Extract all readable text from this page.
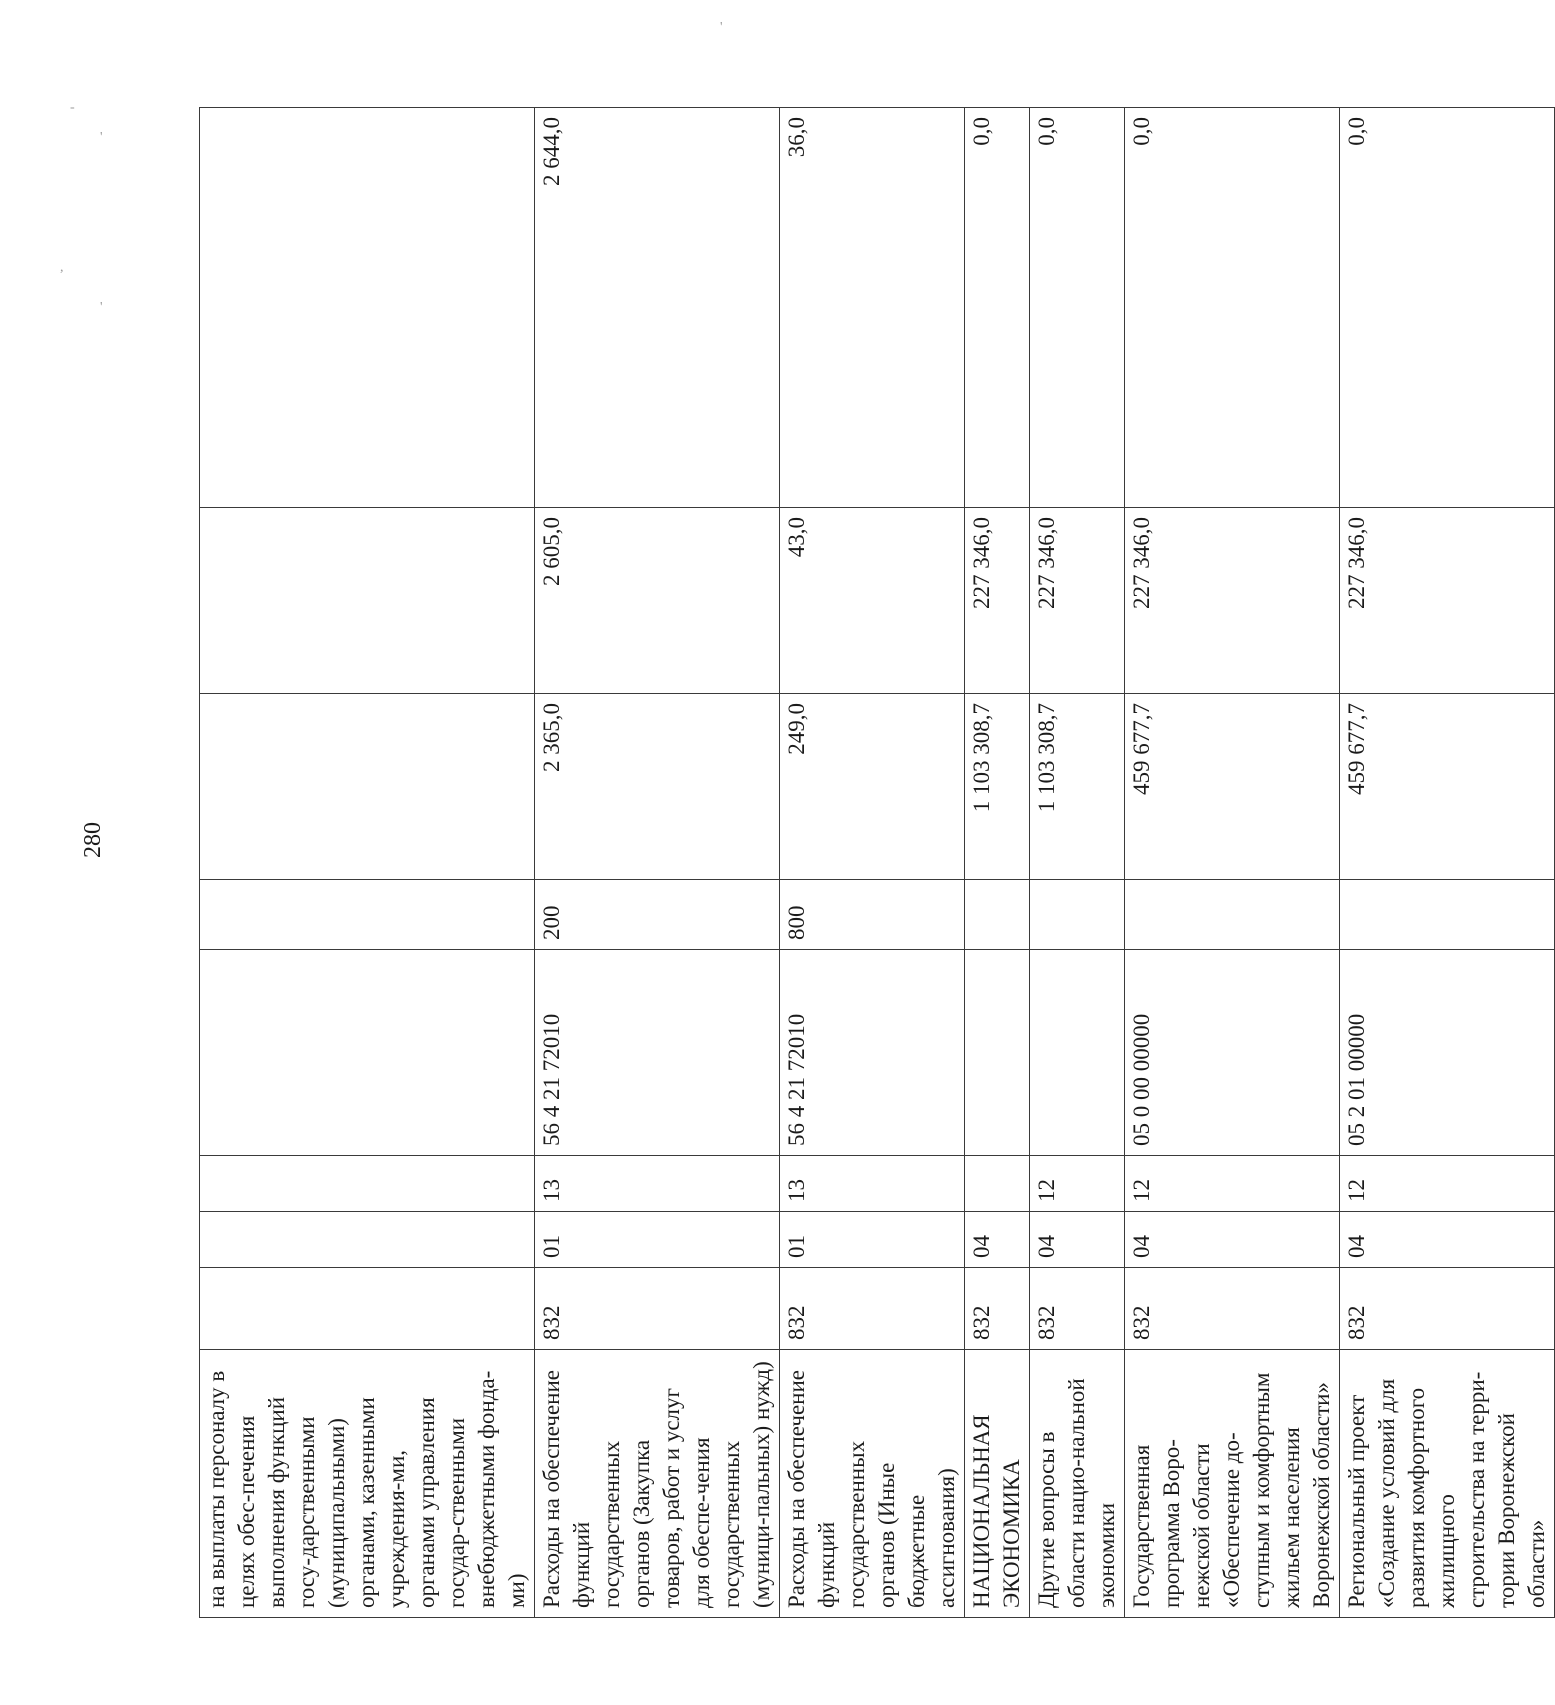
280
'
-
'
,
'
на выплаты персоналу в целях обес-печения выполнения функций госу-дарственными (муниципальными) органами, казенными учреждения-ми, органами управления государ-ственными внебюджетными фонда-ми)								
Расходы на обеспечение функций государственных органов (Закупка товаров, работ и услуг для обеспе-чения государственных (муници-пальных) нужд)	832	01	13	56 4 21 72010	200	2 365,0	2 605,0	2 644,0
Расходы на обеспечение функций государственных органов (Иные бюджетные ассигнования)	832	01	13	56 4 21 72010	800	249,0	43,0	36,0
НАЦИОНАЛЬНАЯ ЭКОНОМИКА	832	04				1 103 308,7	227 346,0	0,0
Другие вопросы в области нацио-нальной экономики	832	04	12			1 103 308,7	227 346,0	0,0
Государственная программа Воро-нежской области «Обеспечение до-ступным и комфортным жильем населения Воронежской области»	832	04	12	05 0 00 00000		459 677,7	227 346,0	0,0
Региональный проект «Создание условий для развития комфортного жилищного строительства на терри-тории Воронежской области»	832	04	12	05 2 01 00000		459 677,7	227 346,0	0,0
